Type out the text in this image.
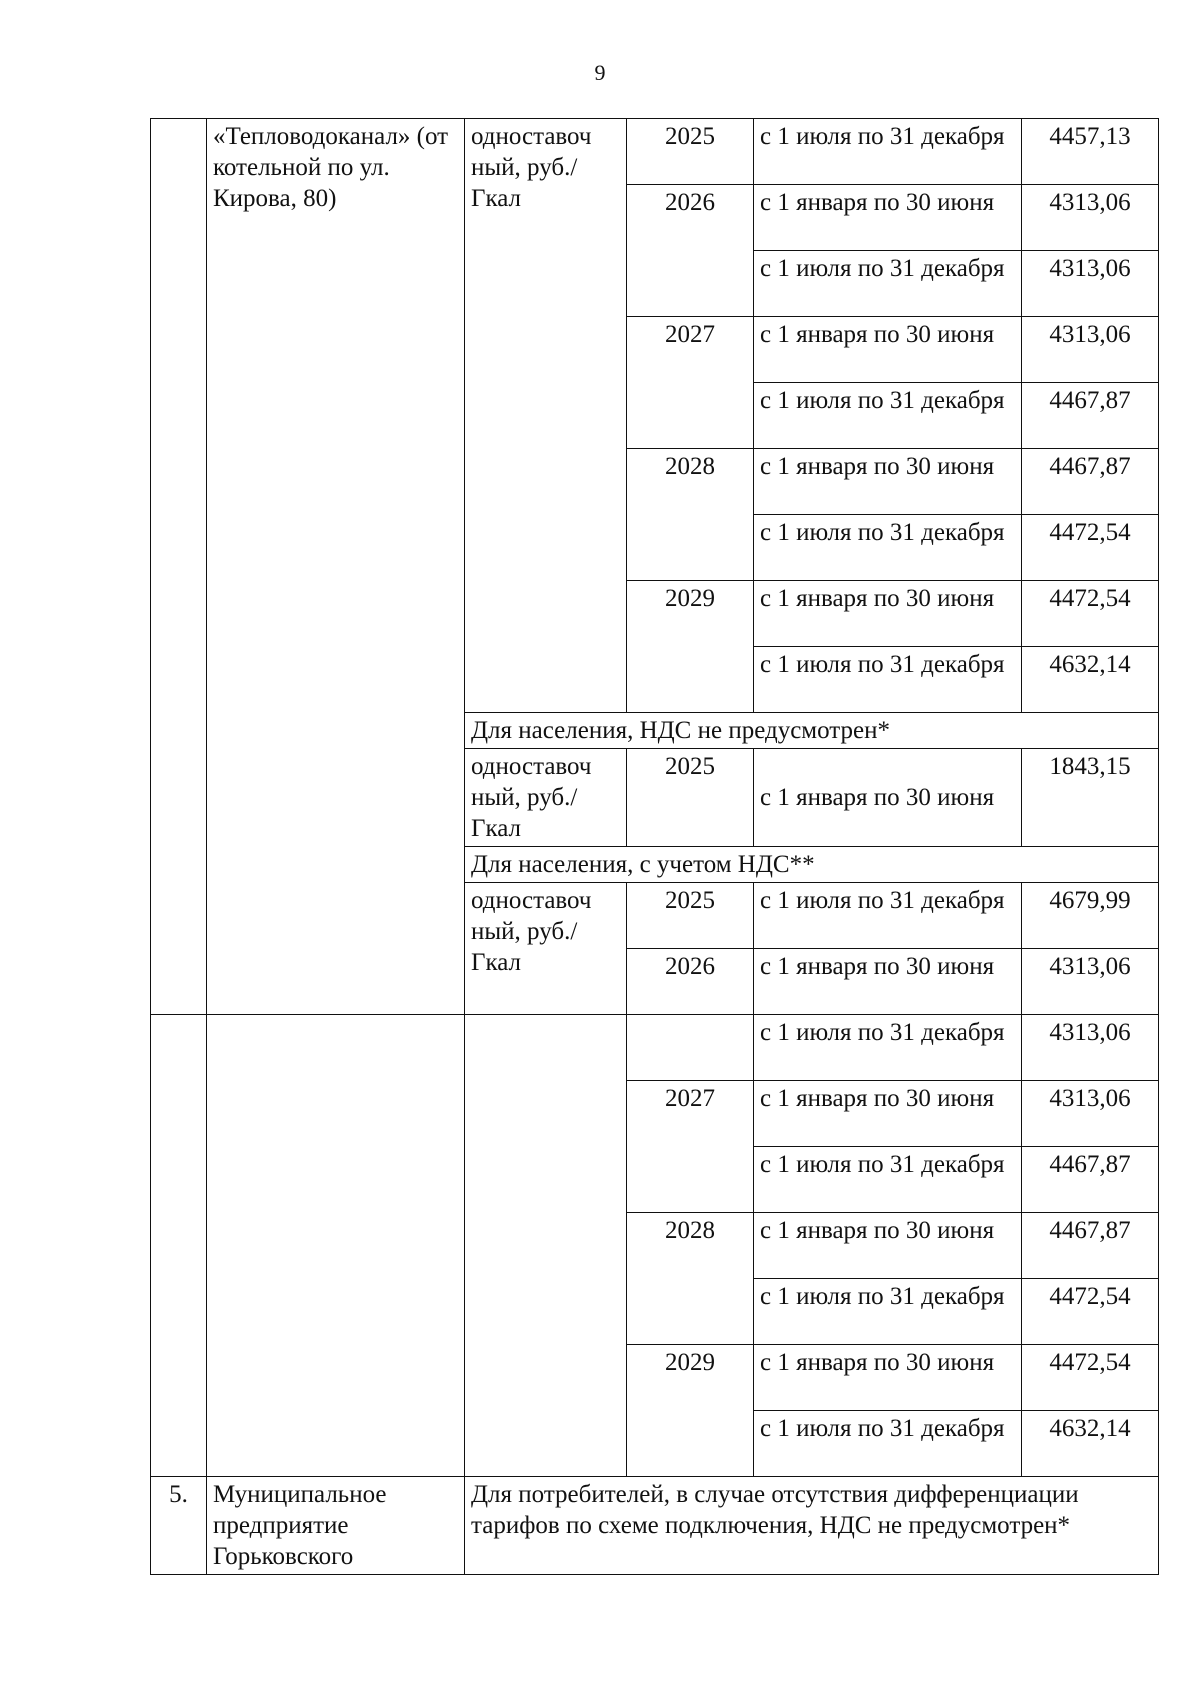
9
	«Тепловодоканал» (от котельной по ул. Кирова, 80)	одноставоч ный, руб./Гкал	2025	с 1 июля по 31 декабря	4457,13
			2026	с 1 января по 30 июня	4313,06
				с 1 июля по 31 декабря	4313,06
			2027	с 1 января по 30 июня	4313,06
				с 1 июля по 31 декабря	4467,87
			2028	с 1 января по 30 июня	4467,87
				с 1 июля по 31 декабря	4472,54
			2029	с 1 января по 30 июня	4472,54
				с 1 июля по 31 декабря	4632,14
		Для населения, НДС не предусмотрен*			
		одноставоч ный, руб./Гкал	2025	с 1 января по 30 июня	1843,15
		Для населения, с учетом НДС**			
		одноставоч ный, руб./Гкал	2025	с 1 июля по 31 декабря	4679,99
			2026	с 1 января по 30 июня	4313,06
				с 1 июля по 31 декабря	4313,06
			2027	с 1 января по 30 июня	4313,06
				с 1 июля по 31 декабря	4467,87
			2028	с 1 января по 30 июня	4467,87
				с 1 июля по 31 декабря	4472,54
			2029	с 1 января по 30 июня	4472,54
				с 1 июля по 31 декабря	4632,14
5.	Муниципальное предприятие Горьковского	Для потребителей, в случае отсутствия дифференциации тарифов по схеме подключения, НДС не предусмотрен*			
